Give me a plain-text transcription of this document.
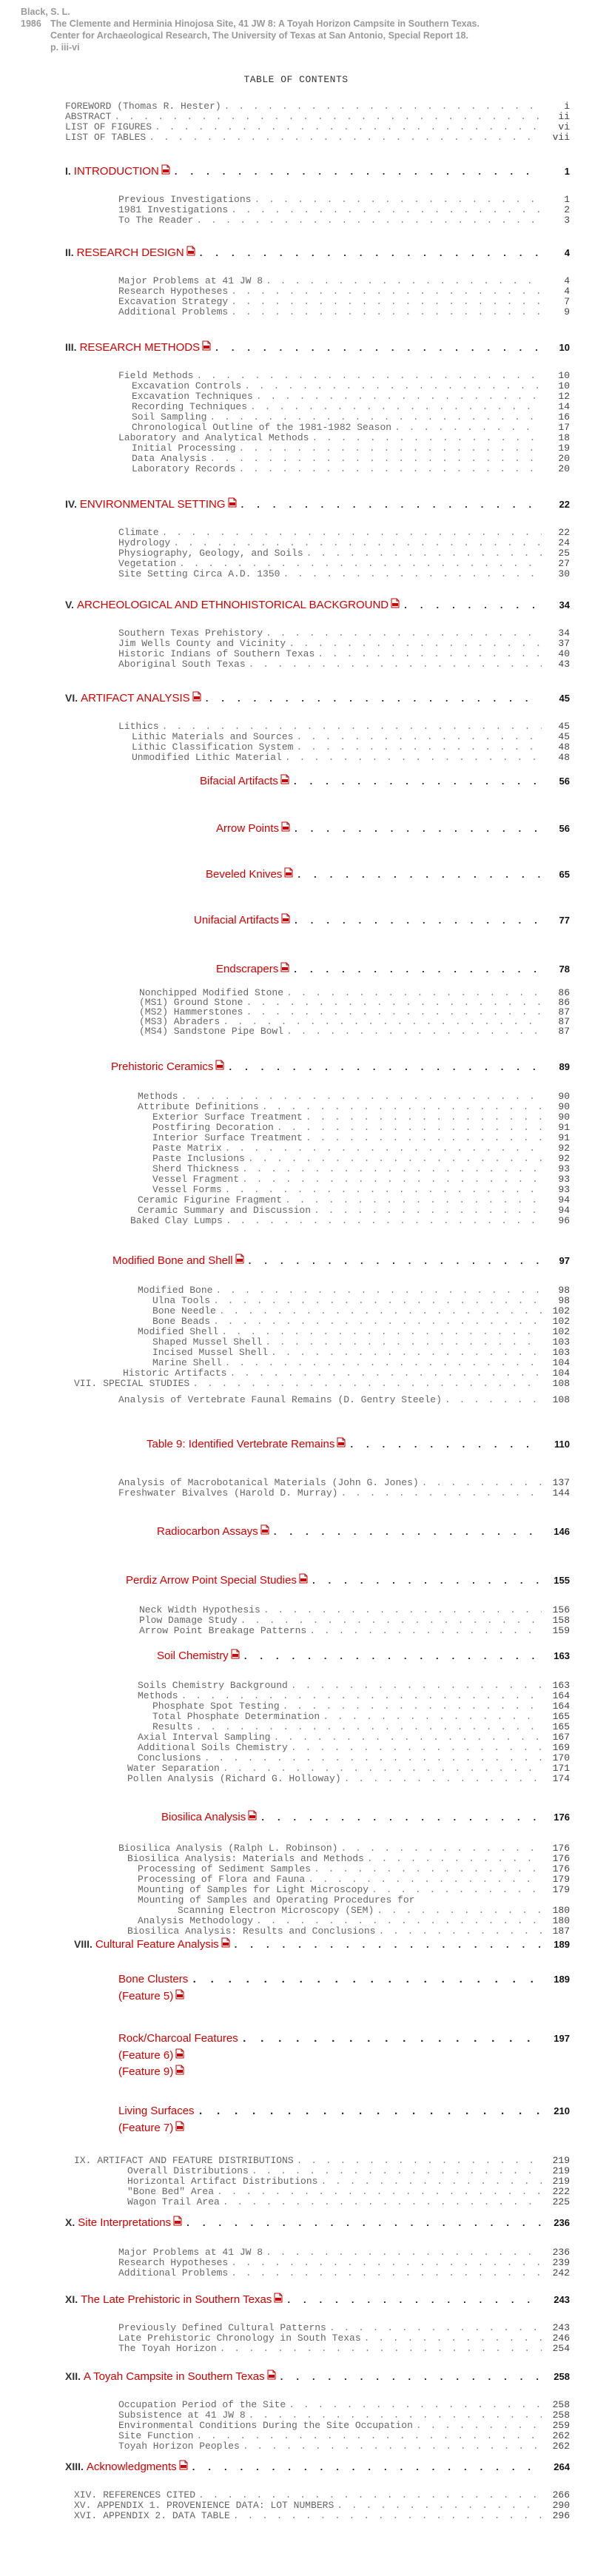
Black, S. L.
1986 The Clemente and Herminia Hinojosa Site, 41 JW 8: A Toyah Horizon Campsite in Southern Texas.
Center for Archaeological Research, The University of Texas at San Antonio, Special Report 18.
p. iii-vi
TABLE OF CONTENTS
FOREWORD (Thomas R. Hester) . . .	i
ABSTRACT . . .	ii
LIST OF FIGURES . . .	vi
LIST OF TABLES . . .	vii
I. INTRODUCTION . . .	1
Previous Investigations . . .	1
1981 Investigations . . .	2
To The Reader . . .	3
II. RESEARCH DESIGN . . .	4
Major Problems at 41 JW 8 . . .	4
Research Hypotheses . . .	4
Excavation Strategy . . .	7
Additional Problems . . .	9
III. RESEARCH METHODS . . .	10
Field Methods . . .	10
Excavation Controls . . .	10
Excavation Techniques . . .	12
Recording Techniques . . .	14
Soil Sampling . . .	16
Chronological Outline of the 1981-1982 Season . . .	17
Laboratory and Analytical Methods . . .	18
Initial Processing . . .	19
Data Analysis . . .	20
Laboratory Records . . .	20
IV. ENVIRONMENTAL SETTING . . .	22
Climate . . .	22
Hydrology . . .	24
Physiography, Geology, and Soils . . .	25
Vegetation . . .	27
Site Setting Circa A.D. 1350 . . .	30
V. ARCHEOLOGICAL AND ETHNOHISTORICAL BACKGROUND . . .	34
Southern Texas Prehistory . . .	34
Jim Wells County and Vicinity . . .	37
Historic Indians of Southern Texas . . .	40
Aboriginal South Texas . . .	43
VI. ARTIFACT ANALYSIS . . .	45
Lithics . . .	45
Lithic Materials and Sources . . .	45
Lithic Classification System . . .	48
Unmodified Lithic Material . . .	48
Bifacial Artifacts . . .	56
Arrow Points . . .	56
Beveled Knives . . .	65
Unifacial Artifacts . . .	77
Endscrapers . . .	78
Nonchipped Modified Stone . . .	86
(MS1) Ground Stone . . .	86
(MS2) Hammerstones . . .	87
(MS3) Abraders . . .	87
(MS4) Sandstone Pipe Bowl . . .	87
Prehistoric Ceramics . . .	89
Methods . . .	90
Attribute Definitions . . .	90
Exterior Surface Treatment . . .	90
Postfiring Decoration . . .	91
Interior Surface Treatment . . .	91
Paste Matrix . . .	92
Paste Inclusions . . .	92
Sherd Thickness . . .	93
Vessel Fragment . . .	93
Vessel Forms . . .	93
Ceramic Figurine Fragment . . .	94
Ceramic Summary and Discussion . . .	94
Baked Clay Lumps . . .	96
Modified Bone and Shell . . .	97
Modified Bone . . .	98
Ulna Tools . . .	98
Bone Needle . . .	102
Bone Beads . . .	102
Modified Shell . . .	102
Shaped Mussel Shell . . .	103
Incised Mussel Shell . . .	103
Marine Shell . . .	104
Historic Artifacts . . .	104
VII. SPECIAL STUDIES . . .	108
Analysis of Vertebrate Faunal Remains (D. Gentry Steele) . . .	108
Table 9: Identified Vertebrate Remains . . .	110
Analysis of Macrobotanical Materials (John G. Jones) . . .	137
Freshwater Bivalves (Harold D. Murray) . . .	144
Radiocarbon Assays . . .	146
Perdiz Arrow Point Special Studies . . .	155
Neck Width Hypothesis . . .	156
Plow Damage Study . . .	158
Arrow Point Breakage Patterns . . .	159
Soil Chemistry . . .	163
Soils Chemistry Background . . .	163
Methods . . .	164
Phosphate Spot Testing . . .	164
Total Phosphate Determination . . .	165
Results . . .	165
Axial Interval Sampling . . .	167
Additional Soils Chemistry . . .	169
Conclusions . . .	170
Water Separation . . .	171
Pollen Analysis (Richard G. Holloway) . . .	174
Biosilica Analysis . . .	176
Biosilica Analysis (Ralph L. Robinson) . . .	176
Biosilica Analysis: Materials and Methods . . .	176
Processing of Sediment Samples . . .	176
Processing of Flora and Fauna . . .	179
Mounting of Samples for Light Microscopy . . .	179
Mounting of Samples and Operating Procedures for
Scanning Electron Microscopy (SEM) . . .	180
Analysis Methodology . . .	180
Biosilica Analysis: Results and Conclusions . . .	187
VIII. Cultural Feature Analysis . . .	189
Bone Clusters . . .	189
(Feature 5)
Rock/Charcoal Features . . .	197
(Feature 6)
(Feature 9)
Living Surfaces . . .	210
(Feature 7)
IX. ARTIFACT AND FEATURE DISTRIBUTIONS . . .	219
Overall Distributions . . .	219
Horizontal Artifact Distributions . . .	219
"Bone Bed" Area . . .	222
Wagon Trail Area . . .	225
X. Site Interpretations . . .	236
Major Problems at 41 JW 8 . . .	236
Research Hypotheses . . .	239
Additional Problems . . .	242
XI. The Late Prehistoric in Southern Texas . . .	243
Previously Defined Cultural Patterns . . .	243
Late Prehistoric Chronology in South Texas . . .	246
The Toyah Horizon . . .	254
XII. A Toyah Campsite in Southern Texas . . .	258
Occupation Period of the Site . . .	258
Subsistence at 41 JW 8 . . .	258
Environmental Conditions During the Site Occupation . . .	259
Site Function . . .	262
Toyah Horizon Peoples . . .	262
XIII. Acknowledgments . . .	264
XIV. REFERENCES CITED . . .	266
XV. APPENDIX 1. PROVENIENCE DATA: LOT NUMBERS . . .	290
XVI. APPENDIX 2. DATA TABLE . . .	296
